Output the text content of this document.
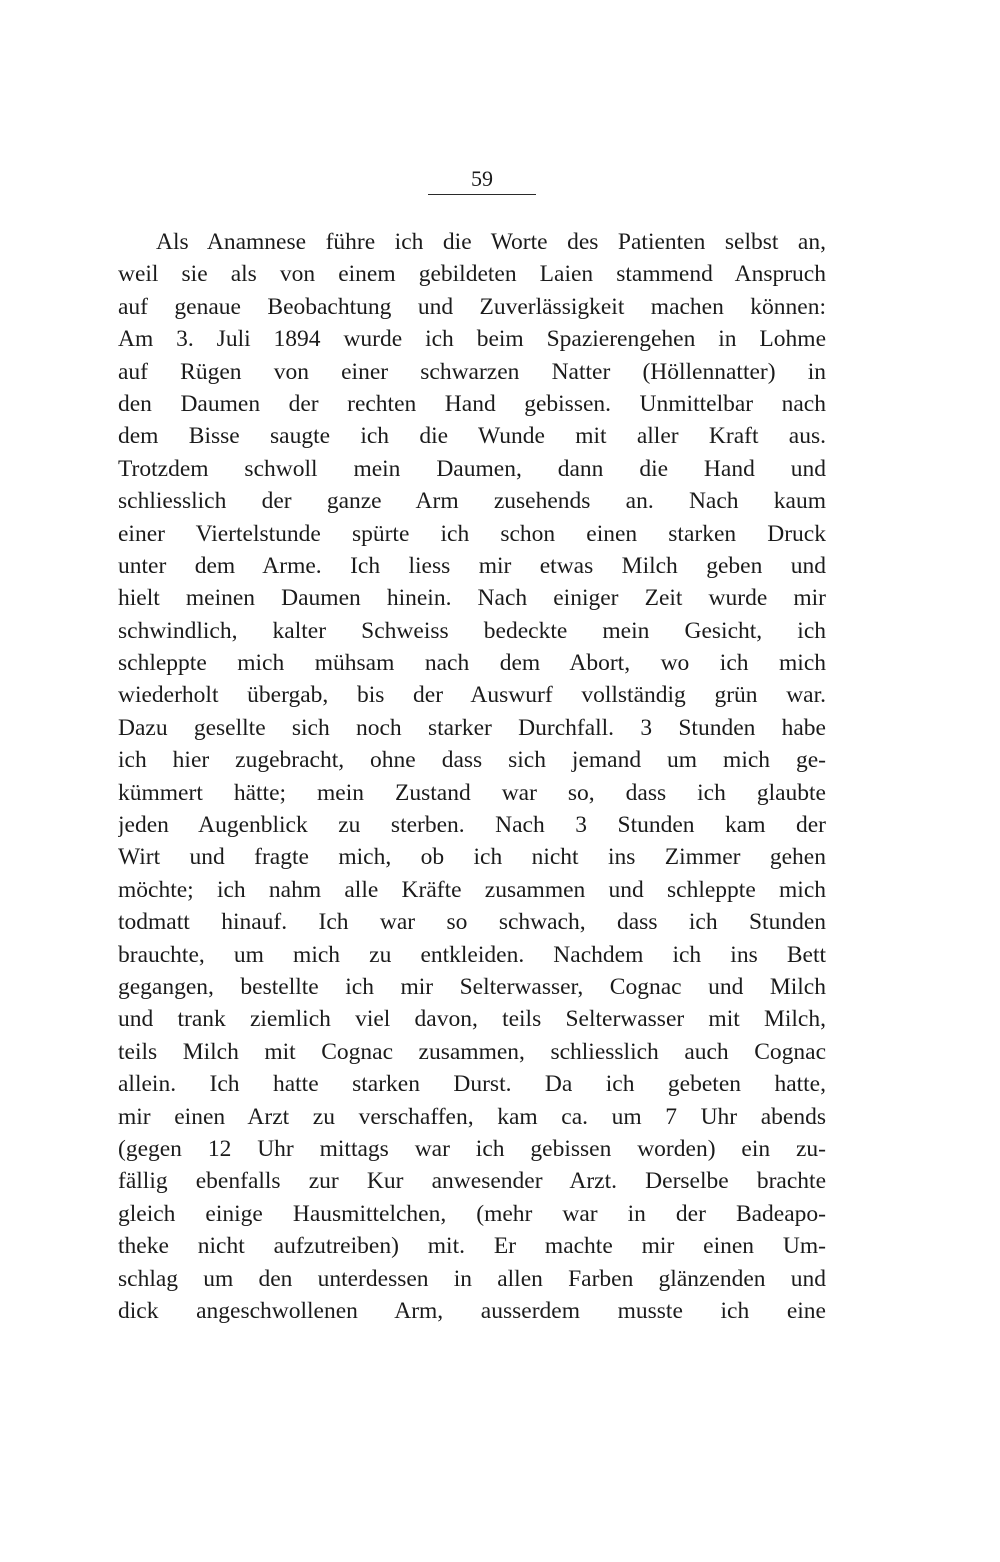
59
Als Anamnese führe ich die Worte des Patienten selbst an,
weil sie als von einem gebildeten Laien stammend Anspruch
auf genaue Beobachtung und Zuverlässigkeit machen können:
Am 3. Juli 1894 wurde ich beim Spazierengehen in Lohme
auf Rügen von einer schwarzen Natter (Höllennatter) in
den Daumen der rechten Hand gebissen. Unmittelbar nach
dem Bisse saugte ich die Wunde mit aller Kraft aus.
Trotzdem schwoll mein Daumen, dann die Hand und
schliesslich der ganze Arm zusehends an. Nach kaum
einer Viertelstunde spürte ich schon einen starken Druck
unter dem Arme. Ich liess mir etwas Milch geben und
hielt meinen Daumen hinein. Nach einiger Zeit wurde mir
schwindlich, kalter Schweiss bedeckte mein Gesicht, ich
schleppte mich mühsam nach dem Abort, wo ich mich
wiederholt übergab, bis der Auswurf vollständig grün war.
Dazu gesellte sich noch starker Durchfall. 3 Stunden habe
ich hier zugebracht, ohne dass sich jemand um mich ge-
kümmert hätte; mein Zustand war so, dass ich glaubte
jeden Augenblick zu sterben. Nach 3 Stunden kam der
Wirt und fragte mich, ob ich nicht ins Zimmer gehen
möchte; ich nahm alle Kräfte zusammen und schleppte mich
todmatt hinauf. Ich war so schwach, dass ich Stunden
brauchte, um mich zu entkleiden. Nachdem ich ins Bett
gegangen, bestellte ich mir Selterwasser, Cognac und Milch
und trank ziemlich viel davon, teils Selterwasser mit Milch,
teils Milch mit Cognac zusammen, schliesslich auch Cognac
allein. Ich hatte starken Durst. Da ich gebeten hatte,
mir einen Arzt zu verschaffen, kam ca. um 7 Uhr abends
(gegen 12 Uhr mittags war ich gebissen worden) ein zu-
fällig ebenfalls zur Kur anwesender Arzt. Derselbe brachte
gleich einige Hausmittelchen, (mehr war in der Badeapo-
theke nicht aufzutreiben) mit. Er machte mir einen Um-
schlag um den unterdessen in allen Farben glänzenden und
dick angeschwollenen Arm, ausserdem musste ich eine
